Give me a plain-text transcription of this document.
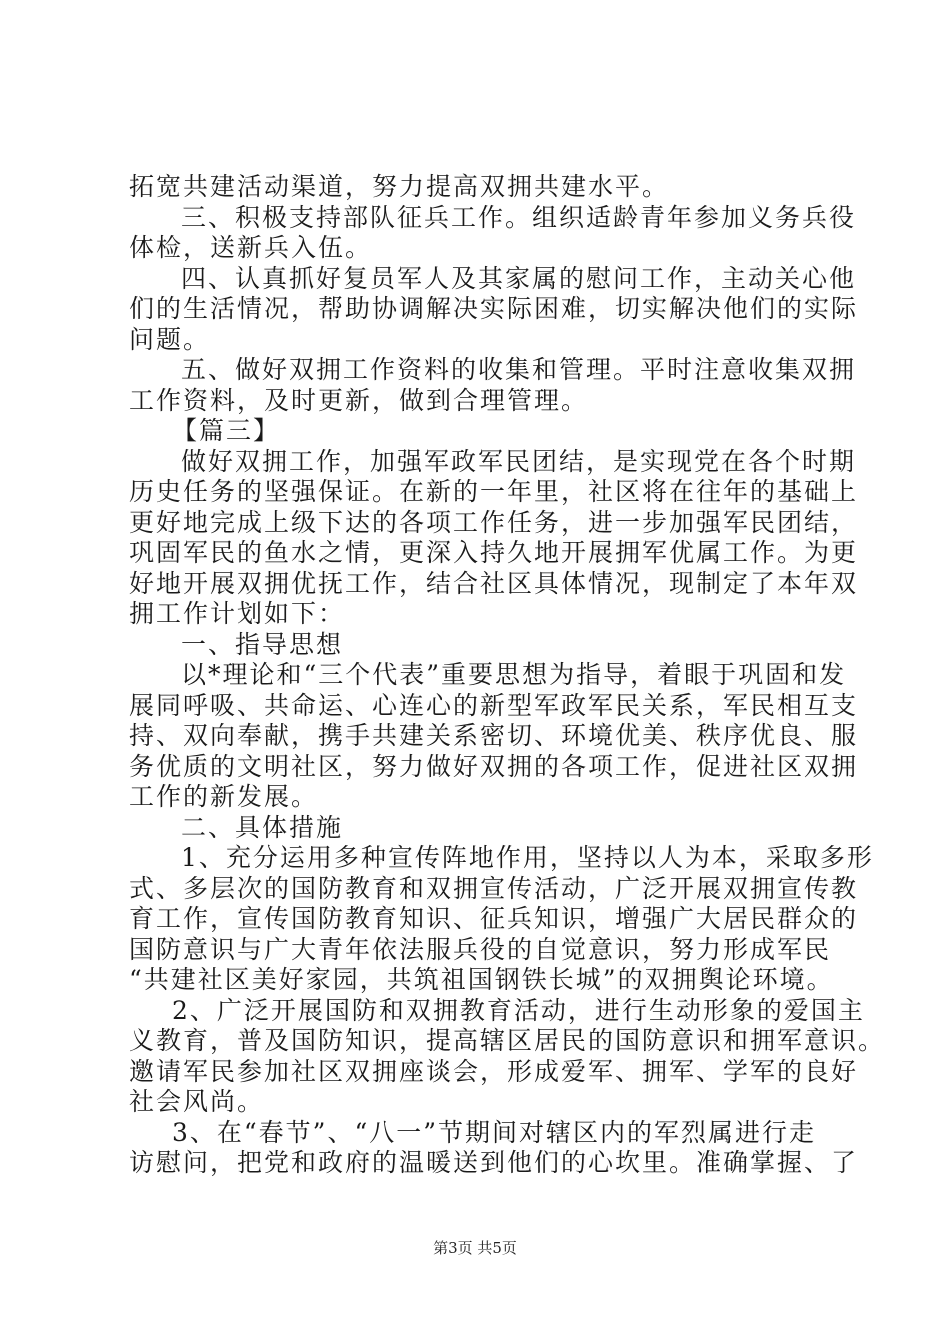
拓宽共建活动渠道，努力提高双拥共建水平。
三、积极支持部队征兵工作。组织适龄青年参加义务兵役
体检，送新兵入伍。
四、认真抓好复员军人及其家属的慰问工作，主动关心他
们的生活情况，帮助协调解决实际困难，切实解决他们的实际
问题。
五、做好双拥工作资料的收集和管理。平时注意收集双拥
工作资料，及时更新，做到合理管理。
【篇三】
做好双拥工作，加强军政军民团结，是实现党在各个时期
历史任务的坚强保证。在新的一年里，社区将在往年的基础上
更好地完成上级下达的各项工作任务，进一步加强军民团结，
巩固军民的鱼水之情，更深入持久地开展拥军优属工作。为更
好地开展双拥优抚工作，结合社区具体情况，现制定了本年双
拥工作计划如下：
一、指导思想
以*理论和“三个代表”重要思想为指导，着眼于巩固和发
展同呼吸、共命运、心连心的新型军政军民关系，军民相互支
持、双向奉献，携手共建关系密切、环境优美、秩序优良、服
务优质的文明社区，努力做好双拥的各项工作，促进社区双拥
工作的新发展。
二、具体措施
1、充分运用多种宣传阵地作用，坚持以人为本，采取多形
式、多层次的国防教育和双拥宣传活动，广泛开展双拥宣传教
育工作，宣传国防教育知识、征兵知识，增强广大居民群众的
国防意识与广大青年依法服兵役的自觉意识，努力形成军民
“共建社区美好家园，共筑祖国钢铁长城”的双拥舆论环境。
2、广泛开展国防和双拥教育活动，进行生动形象的爱国主
义教育，普及国防知识，提高辖区居民的国防意识和拥军意识。
邀请军民参加社区双拥座谈会，形成爱军、拥军、学军的良好
社会风尚。
3、在“春节”、“八一”节期间对辖区内的军烈属进行走
访慰问，把党和政府的温暖送到他们的心坎里。准确掌握、了
第3页 共5页
